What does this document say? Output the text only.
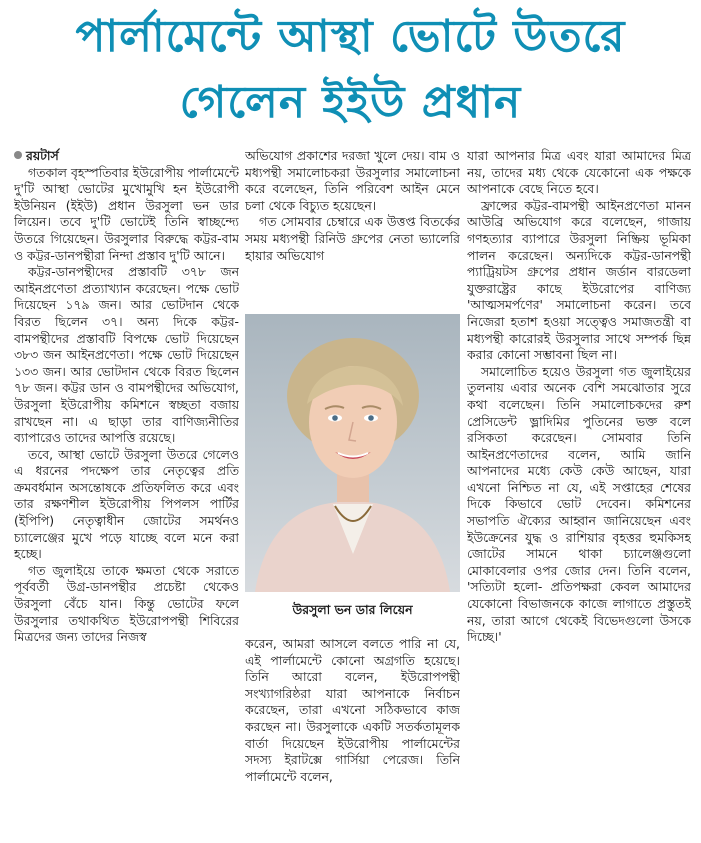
পার্লামেন্টে আস্থা ভোটে উতরে
গেলেন ইইউ প্রধান

রয়টার্স

গতকাল বৃহস্পতিবার ইউরোপীয় পার্লামেন্টে দু'টি আস্থা ভোটের মুখোমুখি হন ইউরোপী ইউনিয়ন (ইইউ) প্রধান উরসুলা ভন ডার লিয়েন। তবে দু'টি ভোটেই তিনি স্বাচ্ছন্দ্যে উতরে গিয়েছেন। উরসুলার বিরুদ্ধে কট্টর-বাম ও কট্টর-ডানপন্থীরা নিন্দা প্রস্তাব দু'টি আনে।

কট্টর-ডানপন্থীদের প্রস্তাবটি ৩৭৮ জন আইনপ্রণেতা প্রত্যাখ্যান করেছেন। পক্ষে ভোট দিয়েছেন ১৭৯ জন। আর ভোটদান থেকে বিরত ছিলেন ৩৭। অন্য দিকে কট্টর-বামপন্থীদের প্রস্তাবটি বিপক্ষে ভোট দিয়েছেন ৩৮৩ জন আইনপ্রণেতা। পক্ষে ভোট দিয়েছেন ১৩৩ জন। আর ভোটদান থেকে বিরত ছিলেন ৭৮ জন। কট্টর ডান ও বামপন্থীদের অভিযোগ, উরসুলা ইউরোপীয় কমিশনে স্বচ্ছতা বজায় রাখছেন না। এ ছাড়া তার বাণিজ্যনীতির ব্যাপারেও তাদের আপত্তি রয়েছে।

তবে, আস্থা ভোটে উরসুলা উতরে গেলেও এ ধরনের পদক্ষেপ তার নেতৃত্বের প্রতি ক্রমবর্ধমান অসন্তোষকে প্রতিফলিত করে এবং তার রক্ষণশীল ইউরোপীয় পিপলস পার্টির (ইপিপি) নেতৃত্বাধীন জোটের সমর্থনও চ্যালেঞ্জের মুখে পড়ে যাচ্ছে বলে মনে করা হচ্ছে।

গত জুলাইয়ে তাকে ক্ষমতা থেকে সরাতে পূর্ববর্তী উগ্র-ডানপন্থীর প্রচেষ্টা থেকেও উরসুলা বেঁচে যান। কিন্তু ভোটের ফলে উরসুলার তথাকথিত ইউরোপপন্থী শিবিরের মিত্রদের জন্য তাদের নিজস্ব

অভিযোগ প্রকাশের দরজা খুলে দেয়। বাম ও মধ্যপন্থী সমালোচকরা উরসুলার সমালোচনা করে বলেছেন, তিনি পরিবেশ আইন মেনে চলা থেকে বিচ্যুত হয়েছেন।

গত সোমবার চেম্বারে এক উত্তপ্ত বিতর্কের সময় মধ্যপন্থী রিনিউ গ্রুপের নেতা ভ্যালেরি হায়ার অভিযোগ

উরসুলা ভন ডার লিয়েন

করেন, আমরা আসলে বলতে পারি না যে, এই পার্লামেন্টে কোনো অগ্রগতি হয়েছে। তিনি আরো বলেন, ইউরোপপন্থী সংখ্যাগরিষ্ঠরা যারা আপনাকে নির্বাচন করেছেন, তারা এখনো সঠিকভাবে কাজ করছেন না। উরসুলাকে একটি সতর্কতামূলক বার্তা দিয়েছেন ইউরোপীয় পার্লামেন্টের সদস্য ইরাটক্সে গার্সিয়া পেরেজ। তিনি পার্লামেন্টে বলেন,

যারা আপনার মিত্র এবং যারা আমাদের মিত্র নয়, তাদের মধ্য থেকে যেকোনো এক পক্ষকে আপনাকে বেছে নিতে হবে।

ফ্রান্সের কট্টর-বামপন্থী আইনপ্রণেতা মানন আউব্রি অভিযোগ করে বলেছেন, গাজায় গণহত্যার ব্যাপারে উরসুলা নিষ্ক্রিয় ভূমিকা পালন করেছেন। অন্যদিকে কট্টর-ডানপন্থী প্যাট্রিয়টস গ্রুপের প্রধান জর্ডান বারডেলা যুক্তরাষ্ট্রের কাছে ইউরোপের বাণিজ্য 'আত্মসমর্পণের' সমালোচনা করেন। তবে নিজেরা হতাশ হওয়া সত্ত্বেও সমাজতন্ত্রী বা মধ্যপন্থী কারোরই উরসুলার সাথে সম্পর্ক ছিন্ন করার কোনো সম্ভাবনা ছিল না।

সমালোচিত হয়েও উরসুলা গত জুলাইয়ের তুলনায় এবার অনেক বেশি সমঝোতার সুরে কথা বলেছেন। তিনি সমালোচকদের রুশ প্রেসিডেন্ট ভ্লাদিমির পুতিনের ভক্ত বলে রসিকতা করেছেন। সোমবার তিনি আইনপ্রণেতাদের বলেন, আমি জানি আপনাদের মধ্যে কেউ কেউ আছেন, যারা এখনো নিশ্চিত না যে, এই সপ্তাহের শেষের দিকে কিভাবে ভোট দেবেন। কমিশনের সভাপতি ঐক্যের আহ্বান জানিয়েছেন এবং ইউক্রেনের যুদ্ধ ও রাশিয়ার বৃহত্তর হুমকিসহ জোটের সামনে থাকা চ্যালেঞ্জগুলো মোকাবেলার ওপর জোর দেন। তিনি বলেন, 'সত্যিটা হলো- প্রতিপক্ষরা কেবল আমাদের যেকোনো বিভাজনকে কাজে লাগাতে প্রস্তুতই নয়, তারা আগে থেকেই বিভেদগুলো উসকে দিচ্ছে।'
